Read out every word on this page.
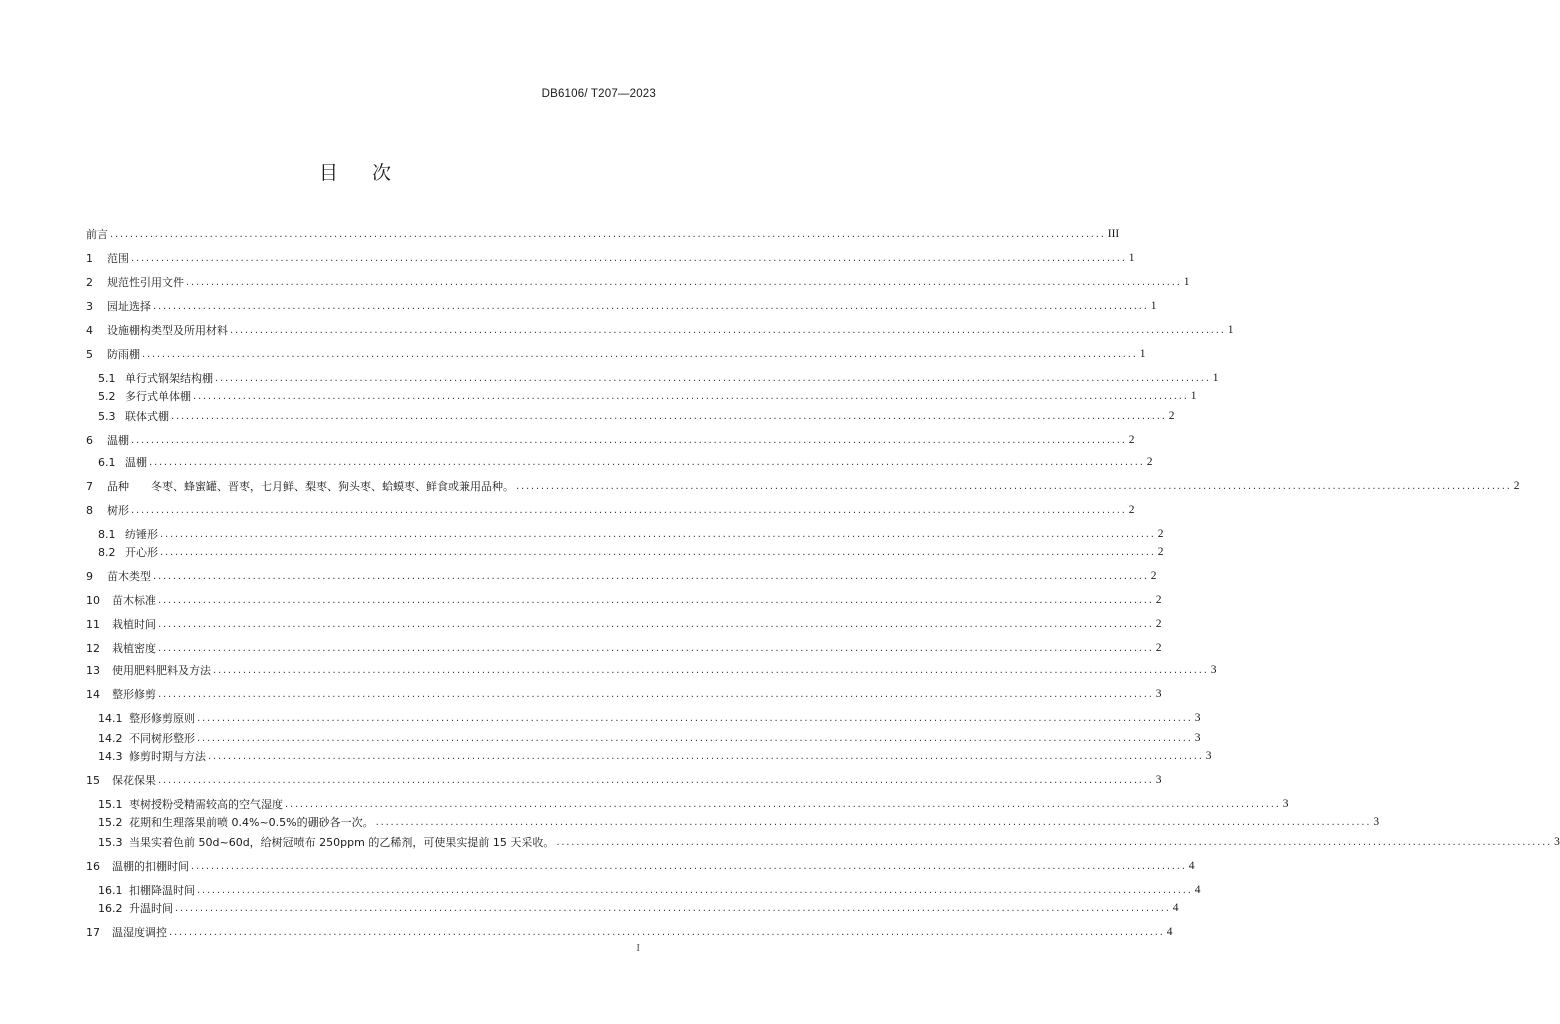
DB6106/ T207—2023
目 次
前言 ........................................................................................................................................................................................................ III
1	范围 ........................................................................................................................................................................................................ 1
2	规范性引用文件 ........................................................................................................................................................................................................ 1
3	园址选择 ........................................................................................................................................................................................................ 1
4	设施棚构类型及所用材料 ........................................................................................................................................................................................................ 1
5	防雨棚 ........................................................................................................................................................................................................ 1
5.1 单行式钢架结构棚 ........................................................................................................................................................................................................ 1
5.2 多行式单体棚 ........................................................................................................................................................................................................ 1
5.3 联体式棚 ........................................................................................................................................................................................................ 2
6	温棚 ........................................................................................................................................................................................................ 2
6.1 温棚 ........................................................................................................................................................................................................ 2
7	品种　　冬枣、蜂蜜罐、晋枣，七月鲜、梨枣、狗头枣、蛤蟆枣、鲜食或兼用品种。 ........................................................................................................................................................................................................ 2
8	树形 ........................................................................................................................................................................................................ 2
8.1 纺锤形 ........................................................................................................................................................................................................ 2
8.2 开心形 ........................................................................................................................................................................................................ 2
9	苗木类型 ........................................................................................................................................................................................................ 2
10	苗木标准 ........................................................................................................................................................................................................ 2
11	栽植时间 ........................................................................................................................................................................................................ 2
12	栽植密度 ........................................................................................................................................................................................................ 2
13	使用肥料肥料及方法 ........................................................................................................................................................................................................ 3
14	整形修剪 ........................................................................................................................................................................................................ 3
14.1 整形修剪原则 ........................................................................................................................................................................................................ 3
14.2 不同树形整形 ........................................................................................................................................................................................................ 3
14.3 修剪时期与方法 ........................................................................................................................................................................................................ 3
15	保花保果 ........................................................................................................................................................................................................ 3
15.1 枣树授粉受精需较高的空气湿度 ........................................................................................................................................................................................................ 3
15.2 花期和生理落果前喷 0.4%~0.5%的硼砂各一次。 ........................................................................................................................................................................................................ 3
15.3 当果实着色前 50d~60d，给树冠喷布 250ppm 的乙稀剂，可使果实提前 15 天采收。 ........................................................................................................................................................................................................ 3
16	温棚的扣棚时间 ........................................................................................................................................................................................................ 4
16.1 扣棚降温时间 ........................................................................................................................................................................................................ 4
16.2 升温时间 ........................................................................................................................................................................................................ 4
17	温湿度调控 ........................................................................................................................................................................................................ 4
I
